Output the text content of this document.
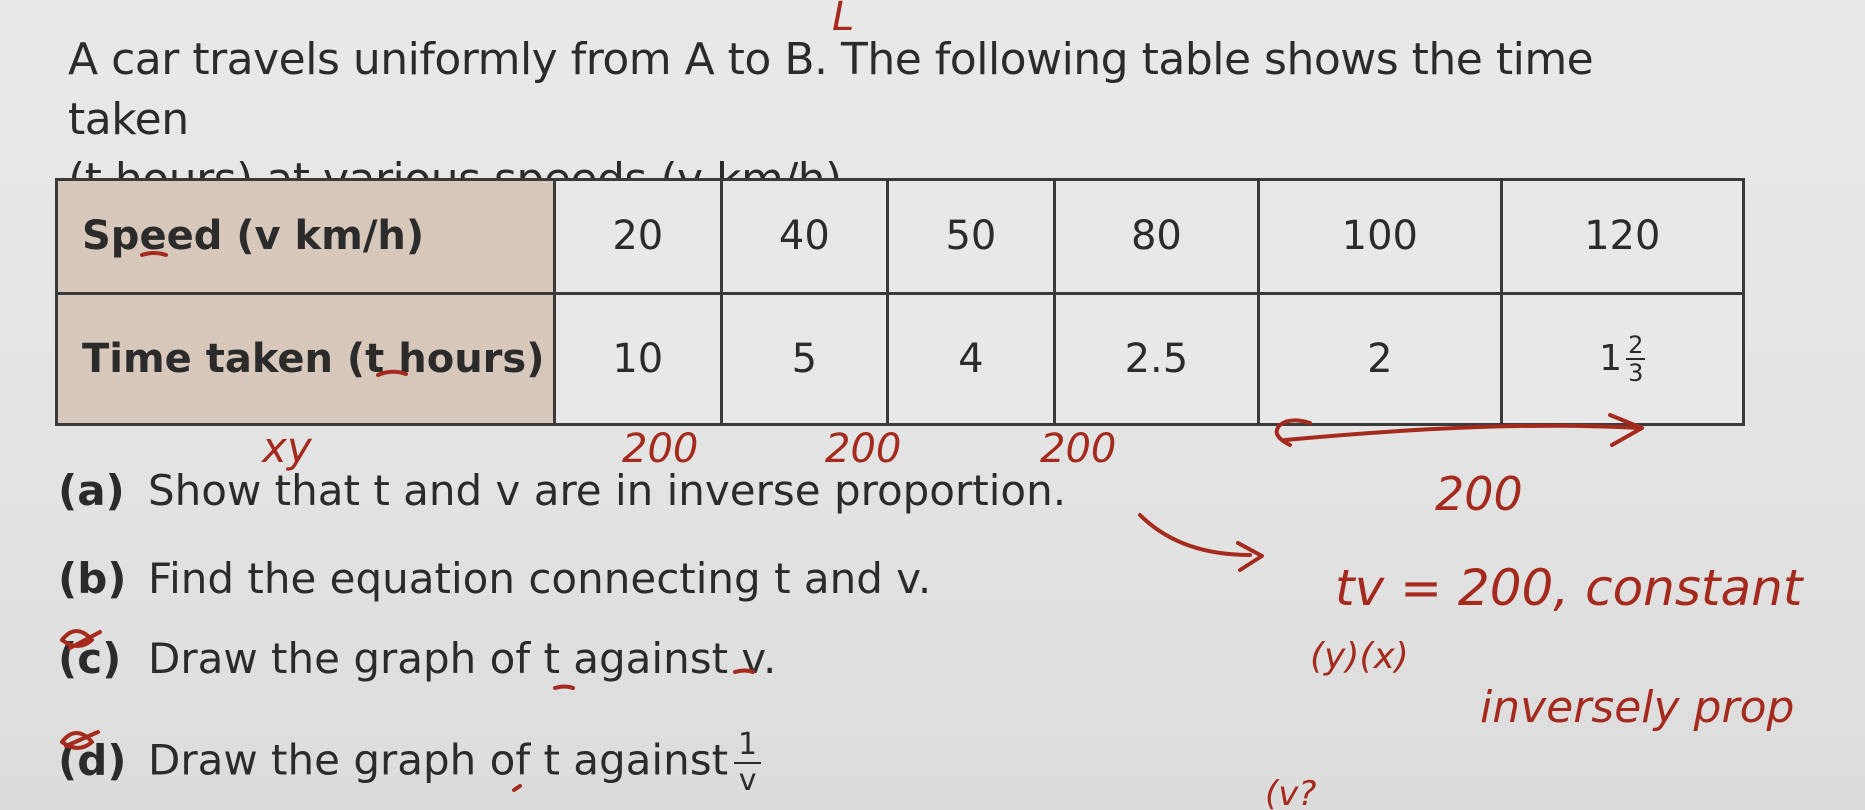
A car travels uniformly from A to B. The following table shows the time taken
Speed (v km/h)	20	40	50	80	100	120
Time taken (t hours)	10	5	4	2.5	2	$1 \frac{2}{3}$
(a) Show that t and v are in inverse proportion.
(b) Find the equation connecting t and v.
(c) Draw the graph of t against v.
(d) Draw the graph of t against $\frac{1}{v}$
L
xy	200	200	200
200
tv = 200, constant
(y)(x)
inversely prop
(v?
